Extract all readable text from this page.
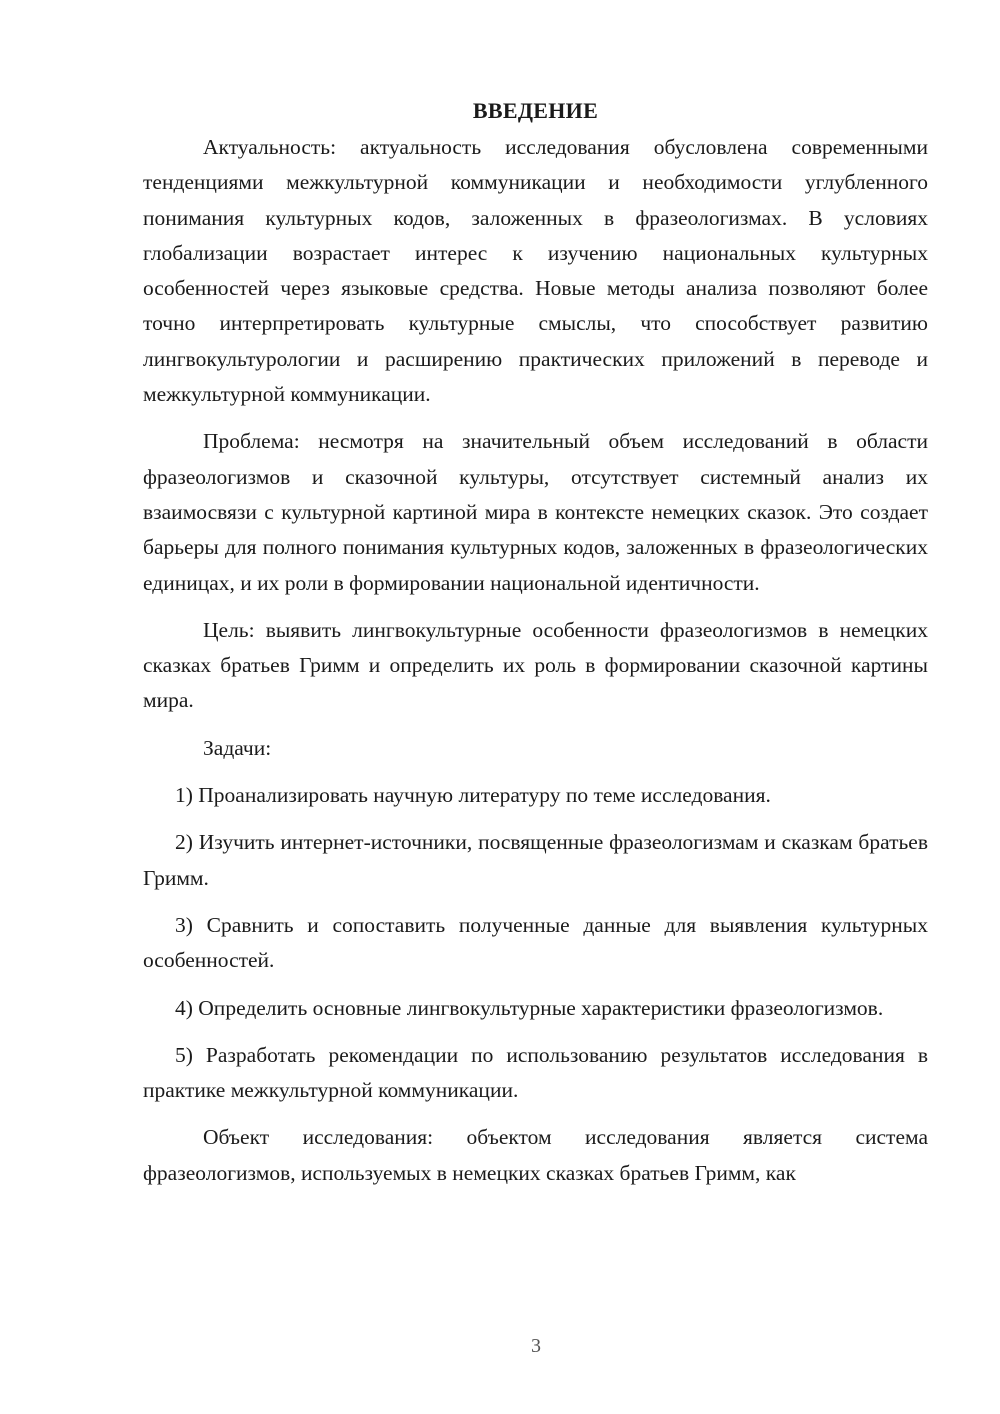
ВВЕДЕНИЕ

Актуальность: актуальность исследования обусловлена современными тенденциями межкультурной коммуникации и необходимости углубленного понимания культурных кодов, заложенных в фразеологизмах. В условиях глобализации возрастает интерес к изучению национальных культурных особенностей через языковые средства. Новые методы анализа позволяют более точно интерпретировать культурные смыслы, что способствует развитию лингвокультурологии и расширению практических приложений в переводе и межкультурной коммуникации.

Проблема: несмотря на значительный объем исследований в области фразеологизмов и сказочной культуры, отсутствует системный анализ их взаимосвязи с культурной картиной мира в контексте немецких сказок. Это создает барьеры для полного понимания культурных кодов, заложенных в фразеологических единицах, и их роли в формировании национальной идентичности.

Цель: выявить лингвокультурные особенности фразеологизмов в немецких сказках братьев Гримм и определить их роль в формировании сказочной картины мира.

Задачи:

1) Проанализировать научную литературу по теме исследования.

2) Изучить интернет-источники, посвященные фразеологизмам и сказкам братьев Гримм.

3) Сравнить и сопоставить полученные данные для выявления культурных особенностей.

4) Определить основные лингвокультурные характеристики фразеологизмов.

5) Разработать рекомендации по использованию результатов исследования в практике межкультурной коммуникации.

Объект исследования: объектом исследования является система фразеологизмов, используемых в немецких сказках братьев Гримм, как

3
